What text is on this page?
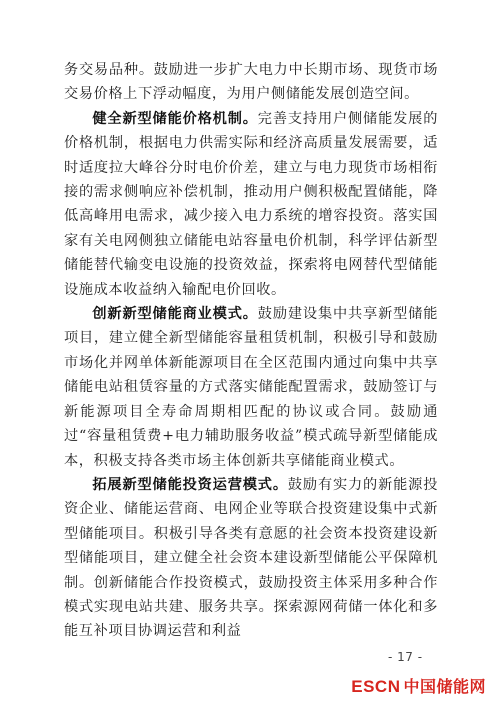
务交易品种。鼓励进一步扩大电力中长期市场、现货市场交易价格上下浮动幅度，为用户侧储能发展创造空间。

健全新型储能价格机制。完善支持用户侧储能发展的价格机制，根据电力供需实际和经济高质量发展需要，适时适度拉大峰谷分时电价价差，建立与电力现货市场相衔接的需求侧响应补偿机制，推动用户侧积极配置储能，降低高峰用电需求，减少接入电力系统的增容投资。落实国家有关电网侧独立储能电站容量电价机制，科学评估新型储能替代输变电设施的投资效益，探索将电网替代型储能设施成本收益纳入输配电价回收。

创新新型储能商业模式。鼓励建设集中共享新型储能项目，建立健全新型储能容量租赁机制，积极引导和鼓励市场化并网单体新能源项目在全区范围内通过向集中共享储能电站租赁容量的方式落实储能配置需求，鼓励签订与新能源项目全寿命周期相匹配的协议或合同。鼓励通过“容量租赁费+电力辅助服务收益”模式疏导新型储能成本，积极支持各类市场主体创新共享储能商业模式。

拓展新型储能投资运营模式。鼓励有实力的新能源投资企业、储能运营商、电网企业等联合投资建设集中式新型储能项目。积极引导各类有意愿的社会资本投资建设新型储能项目，建立健全社会资本建设新型储能公平保障机制。创新储能合作投资模式，鼓励投资主体采用多种合作模式实现电站共建、服务共享。探索源网荷储一体化和多能互补项目协调运营和利益

- 17 -
ESCN 中国储能网
